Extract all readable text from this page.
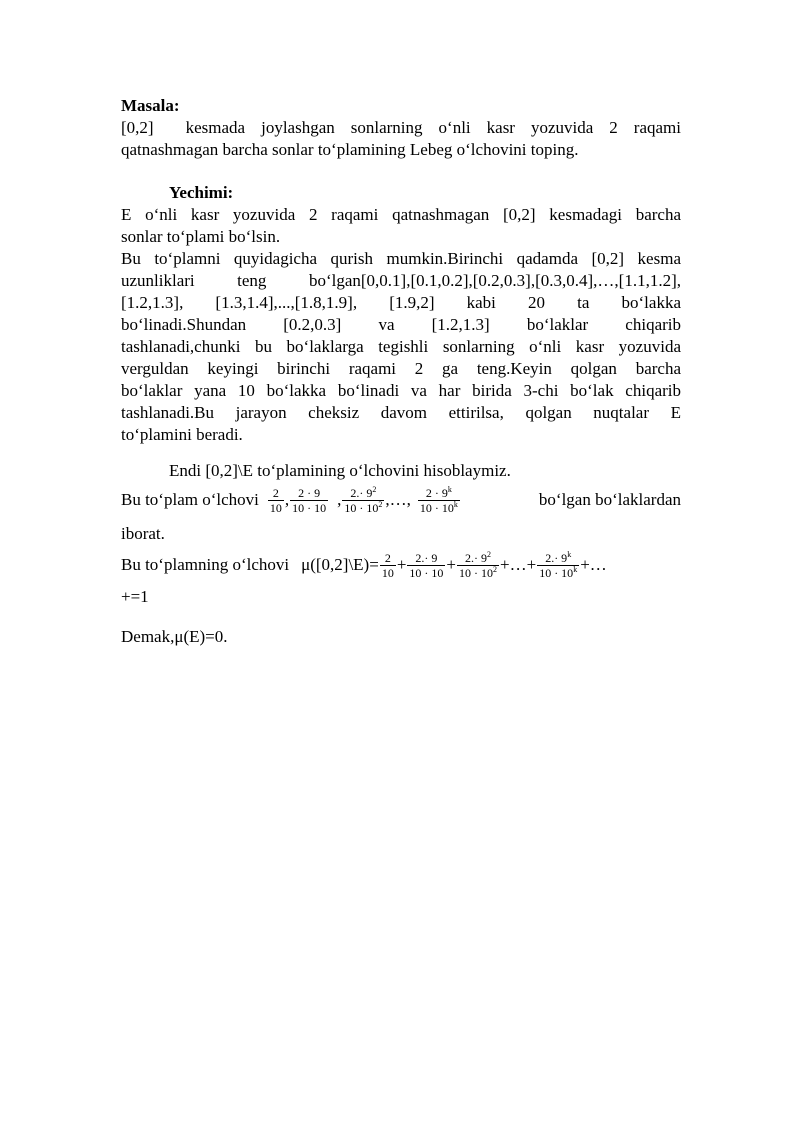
Masala:
[0,2] kesmada joylashgan sonlarning o‘nli kasr yozuvida 2 raqami
qatnashmagan barcha sonlar to‘plamining Lebeg o‘lchovini toping.
Yechimi:
E o‘nli kasr yozuvida 2 raqami qatnashmagan [0,2] kesmadagi barcha
sonlar to‘plami bo‘lsin.
Bu to‘plamni quyidagicha qurish mumkin.Birinchi qadamda [0,2] kesma
uzunliklari teng bo‘lgan[0,0.1],[0.1,0.2],[0.2,0.3],[0.3,0.4],…,[1.1,1.2],
[1.2,1.3], [1.3,1.4],...,[1.8,1.9], [1.9,2] kabi 20 ta bo‘lakka
bo‘linadi.Shundan [0.2,0.3] va [1.2,1.3] bo‘laklar chiqarib
tashlanadi,chunki bu bo‘laklarga tegishli sonlarning o‘nli kasr yozuvida
verguldan keyingi birinchi raqami 2 ga teng.Keyin qolgan barcha
bo‘laklar yana 10 bo‘lakka bo‘linadi va har birida 3-chi bo‘lak chiqarib
tashlanadi.Bu jarayon cheksiz davom ettirilsa, qolgan nuqtalar E
to‘plamini beradi.
Endi [0,2]\E to‘plamining o‘lchovini hisoblaymiz.
Bu to‘plam o‘lchovi $\frac{2}{10}$ , $\frac{2 \cdot 9}{10 \cdot 10}$ , $\frac{2.\cdot 9^2}{10 \cdot 10^2}$ ,…, $\frac{2 \cdot 9^k}{10 \cdot 10^k}$	bo‘lgan bo‘laklardan
iborat.
Bu to‘plamning o‘lchovi μ([0,2]\E)= $\frac{2}{10} + \frac{2.\cdot 9}{10 \cdot 10} + \frac{2.\cdot 9^2}{10 \cdot 10^2}$ +…+ $\frac{2.\cdot 9^k}{10 \cdot 10^k}$ +…
+=1
Demak,μ(E)=0.
